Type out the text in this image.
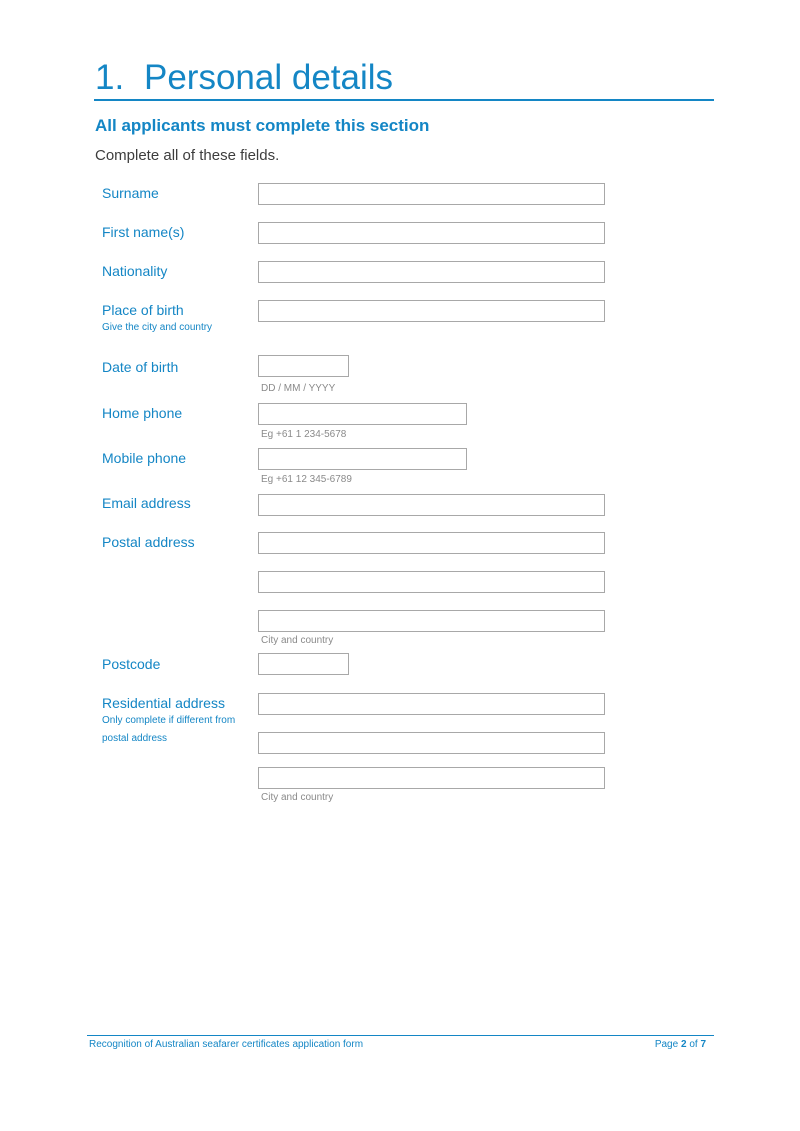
1. Personal details
All applicants must complete this section
Complete all of these fields.
Surname
First name(s)
Nationality
Place of birth
Give the city and country
Date of birth
DD / MM / YYYY
Home phone
Eg +61 1 234-5678
Mobile phone
Eg +61 12 345-6789
Email address
Postal address
City and country
Postcode
Residential address
Only complete if different from
postal address
City and country
Recognition of Australian seafarer certificates application form	Page 2 of 7
